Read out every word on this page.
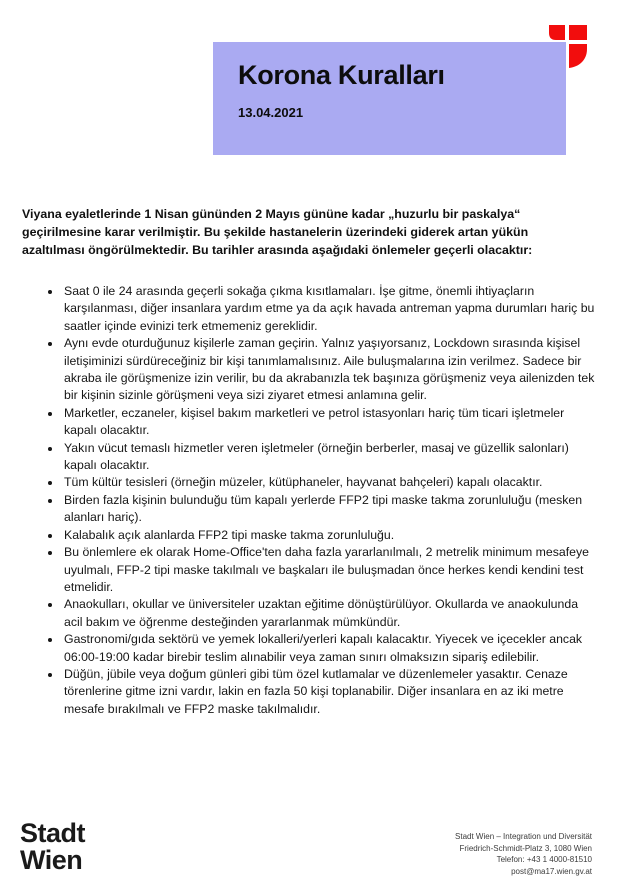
Korona Kuralları
13.04.2021

Viyana eyaletlerinde 1 Nisan gününden 2 Mayıs gününe kadar „huzurlu bir paskalya“ geçirilmesine karar verilmiştir. Bu şekilde hastanelerin üzerindeki giderek artan yükün azaltılması öngörülmektedir. Bu tarihler arasında aşağıdaki önlemeler geçerli olacaktır:

Saat 0 ile 24 arasında geçerli sokağa çıkma kısıtlamaları. İşe gitme, önemli ihtiyaçların karşılanması, diğer insanlara yardım etme ya da açık havada antreman yapma durumları hariç bu saatler içinde evinizi terk etmemeniz gereklidir.
Aynı evde oturduğunuz kişilerle zaman geçirin. Yalnız yaşıyorsanız, Lockdown sırasında kişisel iletişiminizi sürdüreceğiniz bir kişi tanımlamalısınız. Aile buluşmalarına izin verilmez. Sadece bir akraba ile görüşmenize izin verilir, bu da akrabanızla tek başınıza görüşmeniz veya ailenizden tek bir kişinin sizinle görüşmeni veya sizi ziyaret etmesi anlamına gelir.
Marketler, eczaneler, kişisel bakım marketleri ve petrol istasyonları hariç tüm ticari işletmeler kapalı olacaktır.
Yakın vücut temaslı hizmetler veren işletmeler (örneğin berberler, masaj ve güzellik salonları) kapalı olacaktır.
Tüm kültür tesisleri (örneğin müzeler, kütüphaneler, hayvanat bahçeleri) kapalı olacaktır.
Birden fazla kişinin bulunduğu tüm kapalı yerlerde FFP2 tipi maske takma zorunluluğu (mesken alanları hariç).
Kalabalık açık alanlarda FFP2 tipi maske takma zorunluluğu.
Bu önlemlere ek olarak Home-Office'ten daha fazla yararlanılmalı, 2 metrelik minimum mesafeye uyulmalı, FFP-2 tipi maske takılmalı ve başkaları ile buluşmadan önce herkes kendi kendini test etmelidir.
Anaokulları, okullar ve üniversiteler uzaktan eğitime dönüştürülüyor. Okullarda ve anaokulunda acil bakım ve öğrenme desteğinden yararlanmak mümkündür.
Gastronomi/gıda sektörü ve yemek lokalleri/yerleri kapalı kalacaktır. Yiyecek ve içecekler ancak 06:00-19:00 kadar birebir teslim alınabilir veya zaman sınırı olmaksızın sipariş edilebilir.
Düğün, jübile veya doğum günleri gibi tüm özel kutlamalar ve düzenlemeler yasaktır. Cenaze törenlerine gitme izni vardır, lakin en fazla 50 kişi toplanabilir. Diğer insanlara en az iki metre mesafe bırakılmalı ve FFP2 maske takılmalıdır.
Stadt
Wien
Stadt Wien – Integration und Diversität
Friedrich-Schmidt-Platz 3, 1080 Wien
Telefon: +43 1 4000-81510
post@ma17.wien.gv.at
